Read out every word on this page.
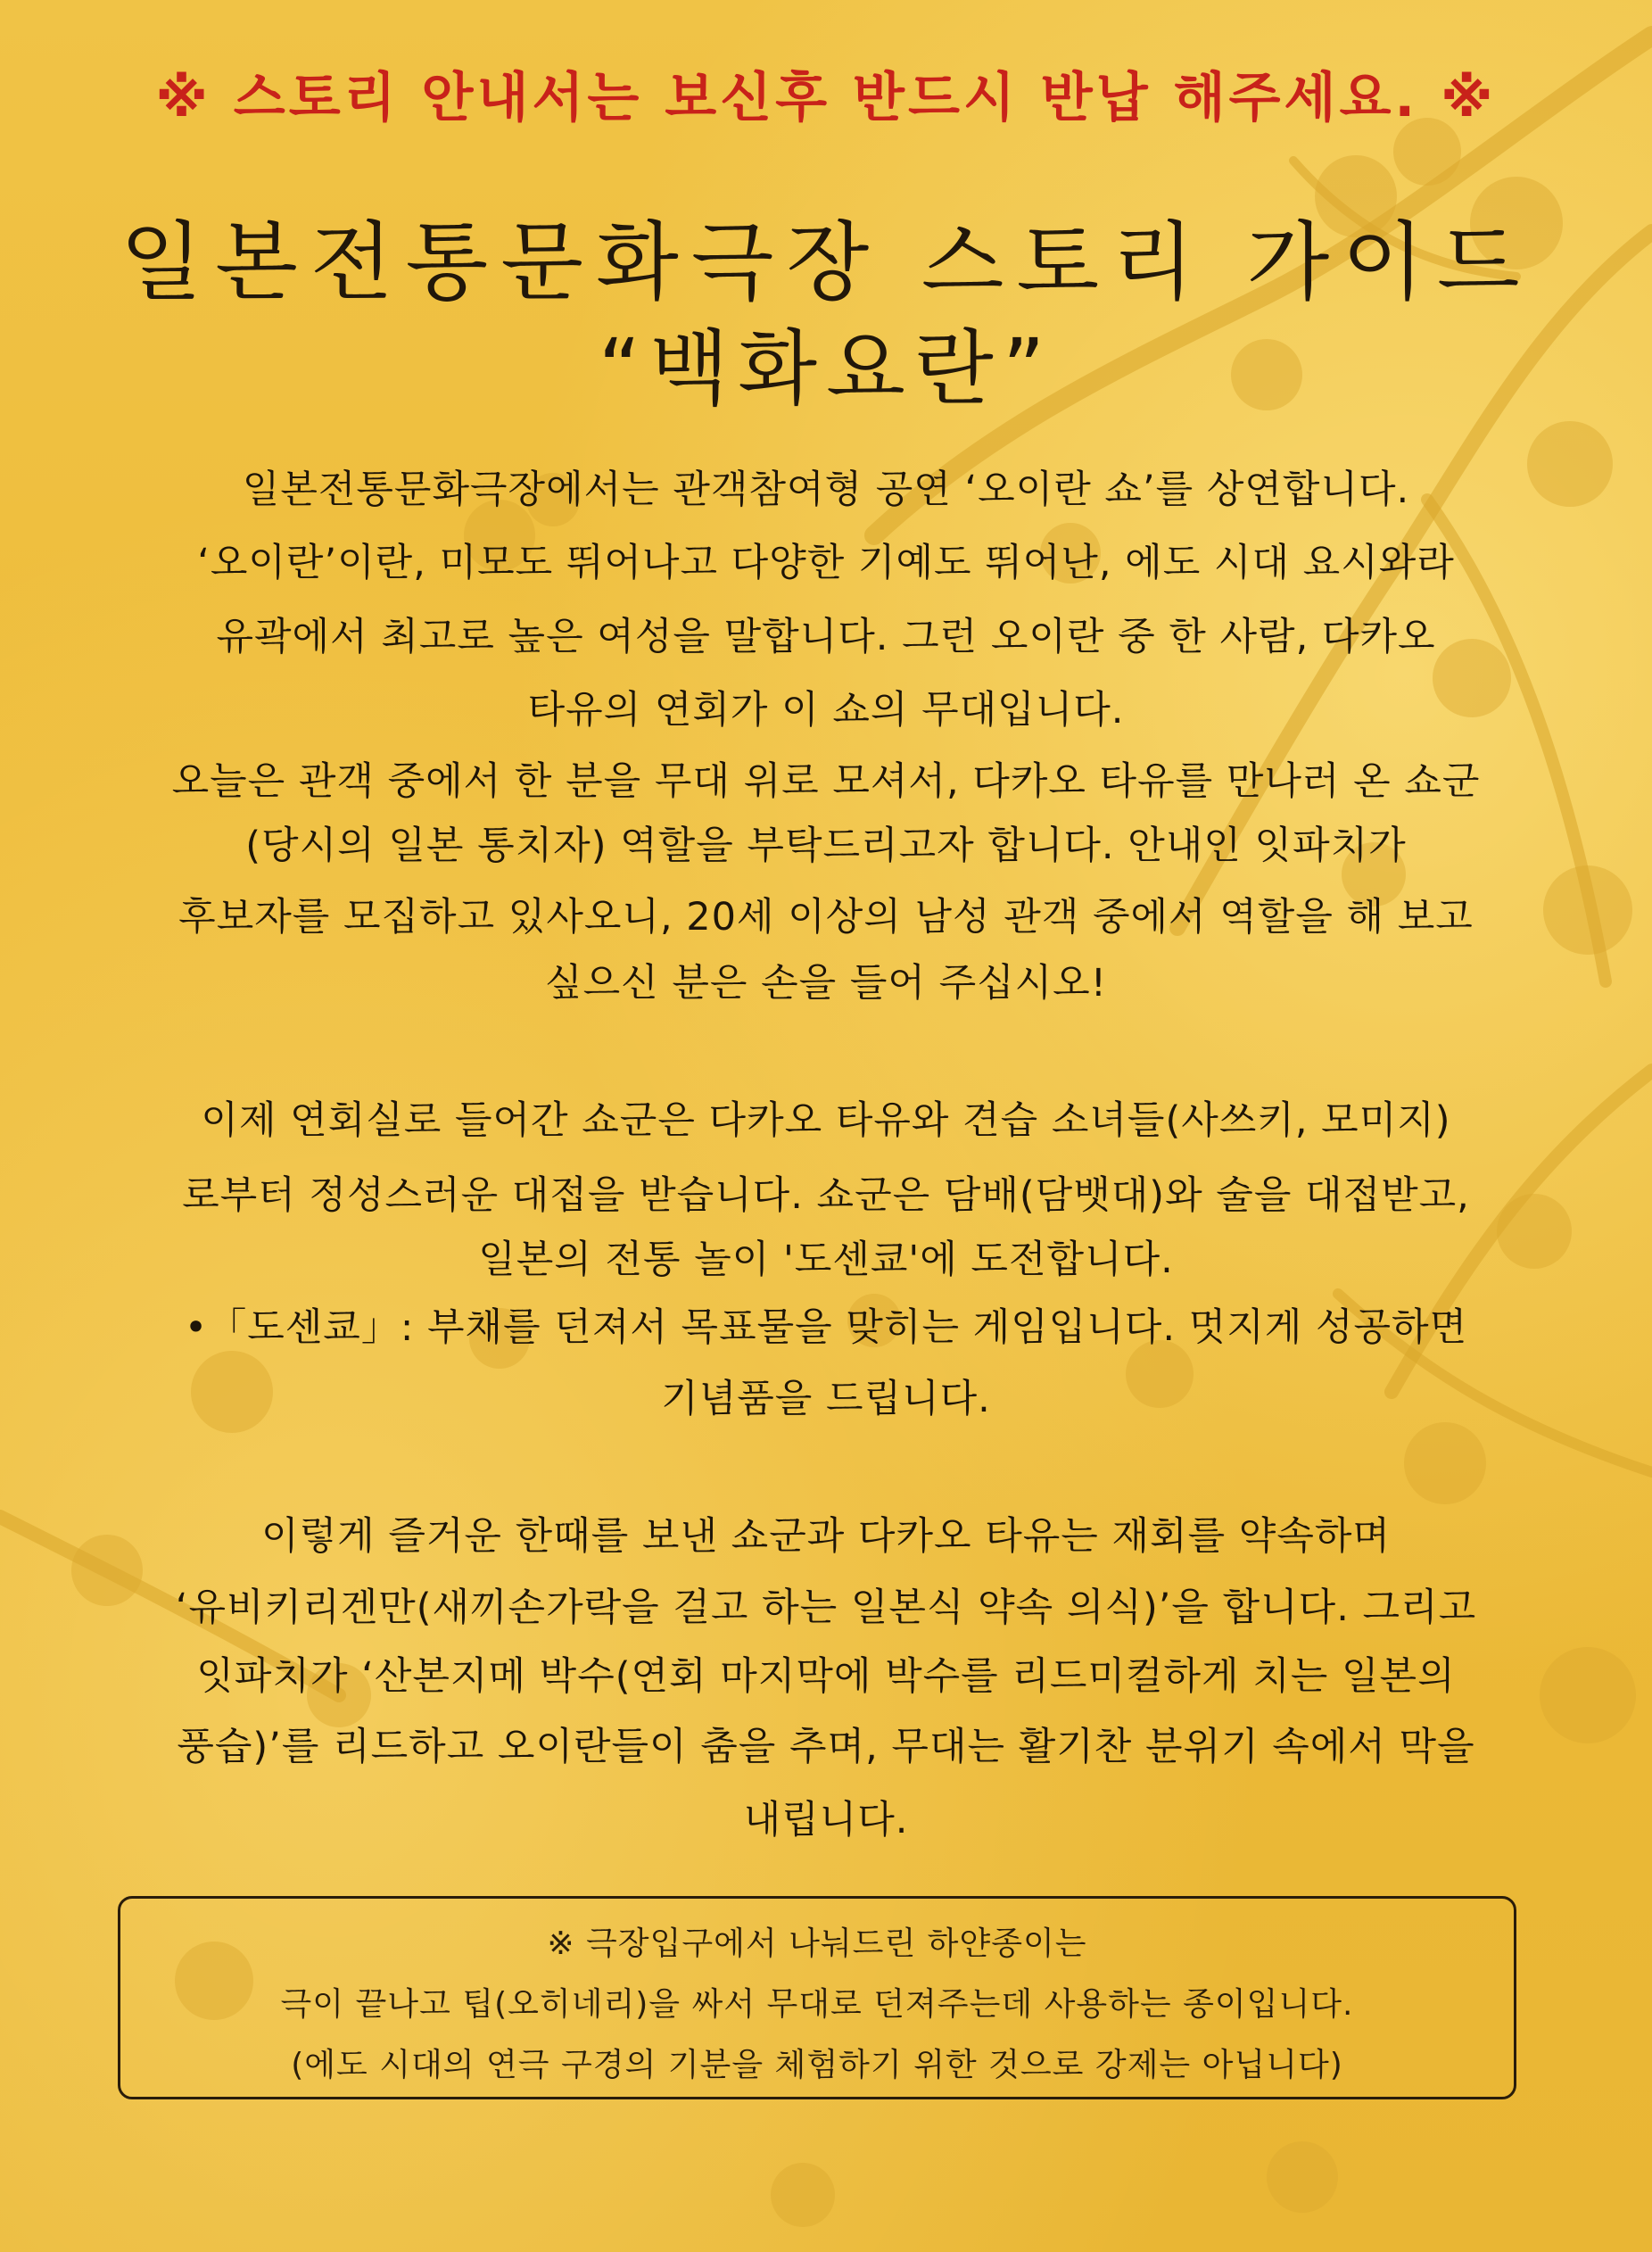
※ 스토리 안내서는 보신후 반드시 반납 해주세요. ※
일본전통문화극장 스토리 가이드
“백화요란”
일본전통문화극장에서는 관객참여형 공연 ‘오이란 쇼’를 상연합니다.
‘오이란’이란, 미모도 뛰어나고 다양한 기예도 뛰어난, 에도 시대 요시와라
유곽에서 최고로 높은 여성을 말합니다. 그런 오이란 중 한 사람, 다카오
타유의 연회가 이 쇼의 무대입니다.
오늘은 관객 중에서 한 분을 무대 위로 모셔서, 다카오 타유를 만나러 온 쇼군
(당시의 일본 통치자) 역할을 부탁드리고자 합니다. 안내인 잇파치가
후보자를 모집하고 있사오니, 20세 이상의 남성 관객 중에서 역할을 해 보고
싶으신 분은 손을 들어 주십시오!
이제 연회실로 들어간 쇼군은 다카오 타유와 견습 소녀들(사쓰키, 모미지)
로부터 정성스러운 대접을 받습니다. 쇼군은 담배(담뱃대)와 술을 대접받고,
일본의 전통 놀이 '도센쿄'에 도전합니다.
•「도센쿄」: 부채를 던져서 목표물을 맞히는 게임입니다. 멋지게 성공하면
기념품을 드립니다.
이렇게 즐거운 한때를 보낸 쇼군과 다카오 타유는 재회를 약속하며
‘유비키리겐만(새끼손가락을 걸고 하는 일본식 약속 의식)’을 합니다. 그리고
잇파치가 ‘산본지메 박수(연회 마지막에 박수를 리드미컬하게 치는 일본의
풍습)’를 리드하고 오이란들이 춤을 추며, 무대는 활기찬 분위기 속에서 막을
내립니다.
※ 극장입구에서 나눠드린 하얀종이는
극이 끝나고 팁(오히네리)을 싸서 무대로 던져주는데 사용하는 종이입니다.
(에도 시대의 연극 구경의 기분을 체험하기 위한 것으로 강제는 아닙니다)
